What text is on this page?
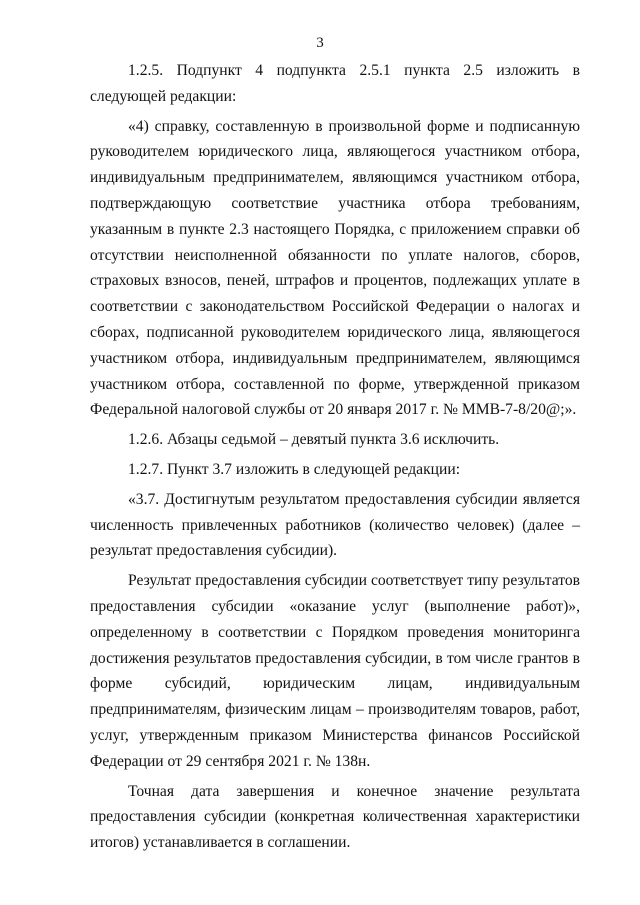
3

1.2.5. Подпункт 4 подпункта 2.5.1 пункта 2.5 изложить в следующей редакции:

«4) справку, составленную в произвольной форме и подписанную руководителем юридического лица, являющегося участником отбора, индивидуальным предпринимателем, являющимся участником отбора, подтверждающую соответствие участника отбора требованиям, указанным в пункте 2.3 настоящего Порядка, с приложением справки об отсутствии неисполненной обязанности по уплате налогов, сборов, страховых взносов, пеней, штрафов и процентов, подлежащих уплате в соответствии с законодательством Российской Федерации о налогах и сборах, подписанной руководителем юридического лица, являющегося участником отбора, индивидуальным предпринимателем, являющимся участником отбора, составленной по форме, утвержденной приказом Федеральной налоговой службы от 20 января 2017 г. № ММВ-7-8/20@;».

1.2.6. Абзацы седьмой – девятый пункта 3.6 исключить.

1.2.7. Пункт 3.7 изложить в следующей редакции:

«3.7. Достигнутым результатом предоставления субсидии является численность привлеченных работников (количество человек) (далее – результат предоставления субсидии).

Результат предоставления субсидии соответствует типу результатов предоставления субсидии «оказание услуг (выполнение работ)», определенному в соответствии с Порядком проведения мониторинга достижения результатов предоставления субсидии, в том числе грантов в форме субсидий, юридическим лицам, индивидуальным предпринимателям, физическим лицам – производителям товаров, работ, услуг, утвержденным приказом Министерства финансов Российской Федерации от 29 сентября 2021 г. № 138н.

Точная дата завершения и конечное значение результата предоставления субсидии (конкретная количественная характеристики итогов) устанавливается в соглашении.
